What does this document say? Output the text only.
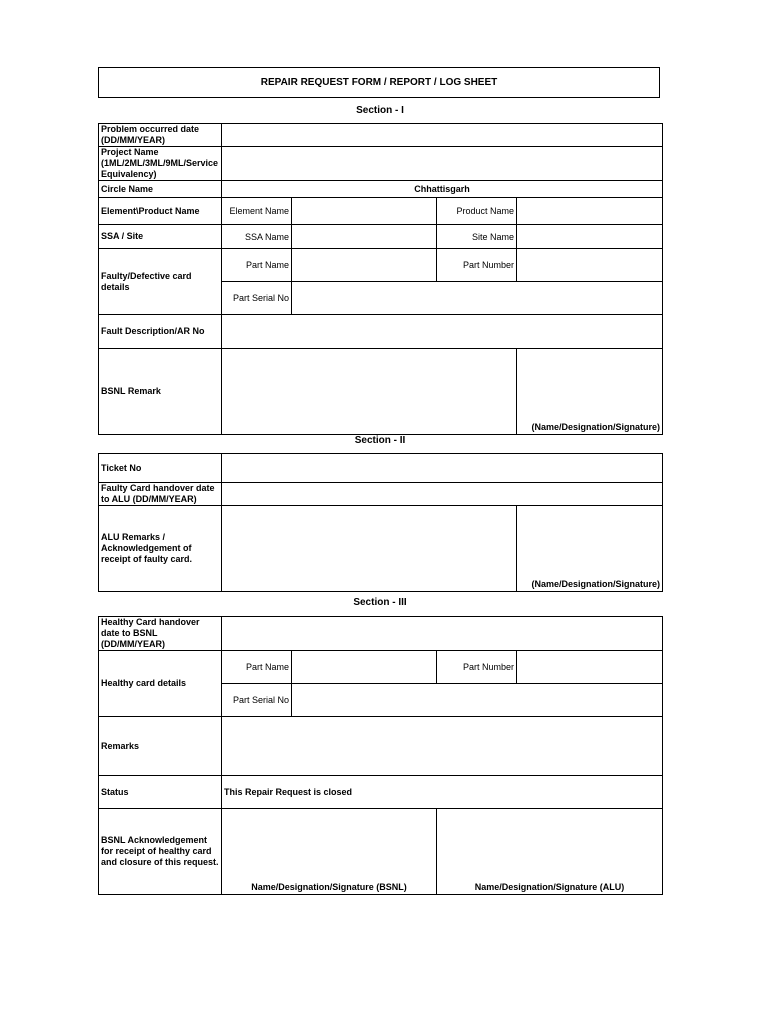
REPAIR REQUEST FORM / REPORT / LOG SHEET
Section - I
Problem occurred date (DD/MM/YEAR)				
Project Name (1ML/2ML/3ML/9ML/Service Equivalency)				
Circle Name	Chhattisgarh			
Element\Product Name	Element Name		Product Name	
SSA / Site	SSA Name		Site Name	
Faulty/Defective card details	Part Name		Part Number	
	Part Serial No			
Fault Description/AR No				
BSNL Remark				(Name/Designation/Signature)
Section - II
Ticket No		
Faulty Card handover date to ALU (DD/MM/YEAR)		
ALU Remarks / Acknowledgement of receipt of faulty card.		(Name/Designation/Signature)
Section - III
Healthy Card handover date to BSNL (DD/MM/YEAR)				
Healthy card details	Part Name		Part Number	
	Part Serial No			
Remarks				
Status	This Repair Request is closed			
BSNL Acknowledgement for receipt of healthy card and closure of this request.	Name/Designation/Signature (BSNL)		Name/Designation/Signature (ALU)	
